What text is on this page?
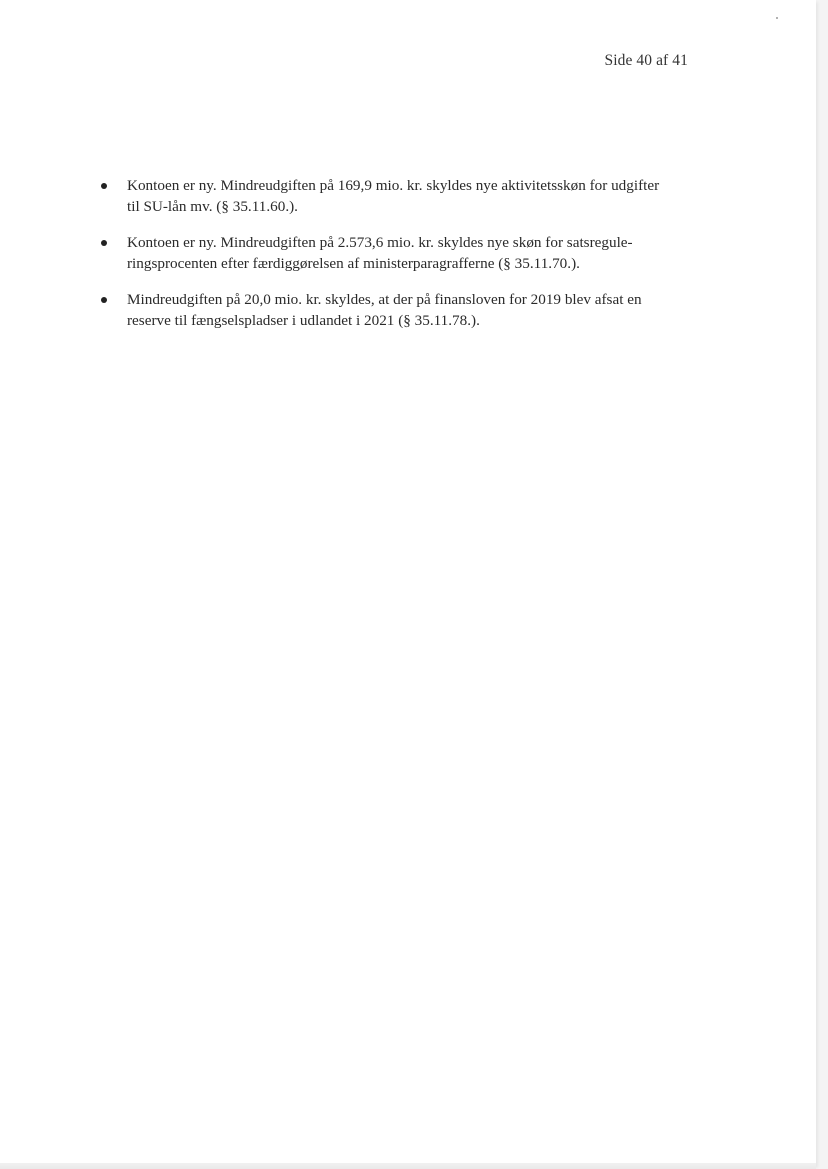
Side 40 af 41
Kontoen er ny. Mindreudgiften på 169,9 mio. kr. skyldes nye aktivitetsskøn for udgifter
til SU-lån mv. (§ 35.11.60.).
Kontoen er ny. Mindreudgiften på 2.573,6 mio. kr. skyldes nye skøn for satsregule-
ringsprocenten efter færdiggørelsen af ministerparagrafferne (§ 35.11.70.).
Mindreudgiften på 20,0 mio. kr. skyldes, at der på finansloven for 2019 blev afsat en
reserve til fængselspladser i udlandet i 2021 (§ 35.11.78.).
